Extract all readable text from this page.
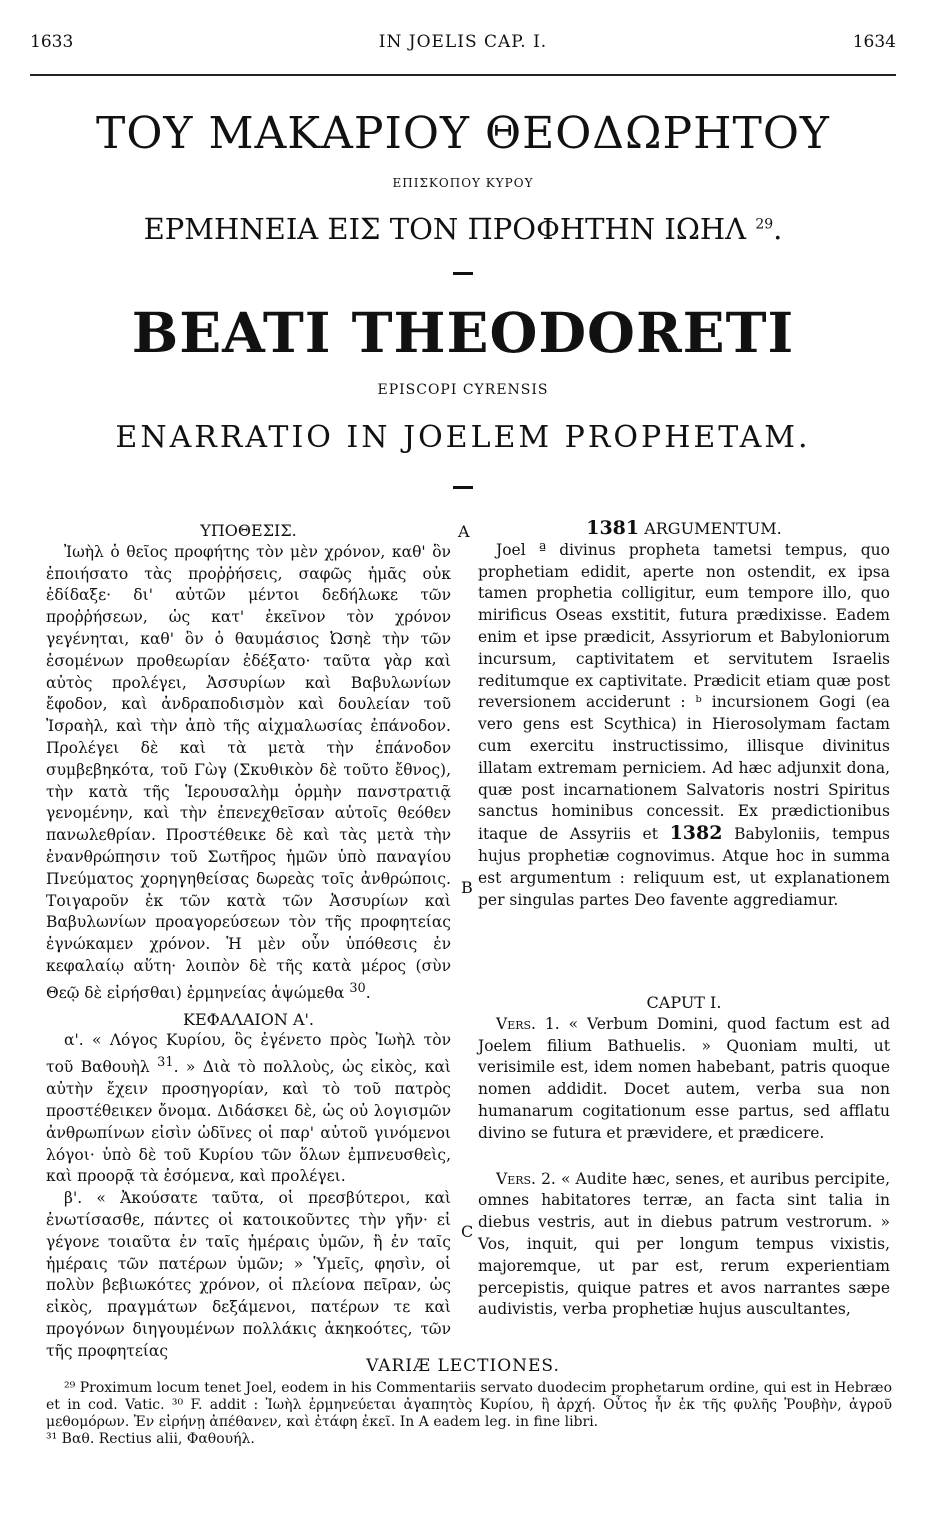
1633	IN JOELIS CAP. I.	1634
ΤΟΥ ΜΑΚΑΡΙΟΥ ΘΕΟΔΩΡΗΤΟΥ
ΕΠΙΣΚΟΠΟΥ ΚΥΡΟΥ
ΕΡΜΗΝΕΙΑ ΕΙΣ ΤΟΝ ΠΡΟΦΗΤΗΝ ΙΩΗΛ $^{29}$.
BEATI THEODORETI
EPISCOPI CYRENSIS
ENARRATIO IN JOELEM PROPHETAM.
A
B
C
ΥΠΟΘΕΣΙΣ.

Ἰωὴλ ὁ θεῖος προφήτης τὸν μὲν χρόνον, καθ' ὃν ἐποιήσατο τὰς προῤῥήσεις, σαφῶς ἡμᾶς οὐκ ἐδίδαξε· δι' αὐτῶν μέντοι δεδήλωκε τῶν προῤῥήσεων, ὡς κατ' ἐκεῖνον τὸν χρόνον γεγένηται, καθ' ὃν ὁ θαυμάσιος Ὠσηὲ τὴν τῶν ἐσομένων προθεωρίαν ἐδέξατο· ταῦτα γὰρ καὶ αὐτὸς προλέγει, Ἀσσυρίων καὶ Βαβυλωνίων ἔφοδον, καὶ ἀνδραποδισμὸν καὶ δουλείαν τοῦ Ἰσραὴλ, καὶ τὴν ἀπὸ τῆς αἰχμαλωσίας ἐπάνοδον. Προλέγει δὲ καὶ τὰ μετὰ τὴν ἐπάνοδον συμβεβηκότα, τοῦ Γὼγ (Σκυθικὸν δὲ τοῦτο ἔθνος), τὴν κατὰ τῆς Ἱερουσαλὴμ ὁρμὴν πανστρατιᾷ γενομένην, καὶ τὴν ἐπενεχθεῖσαν αὐτοῖς θεόθεν πανωλεθρίαν. Προστέθεικε δὲ καὶ τὰς μετὰ τὴν ἐνανθρώπησιν τοῦ Σωτῆρος ἡμῶν ὑπὸ παναγίου Πνεύματος χορηγηθείσας δωρεὰς τοῖς ἀνθρώποις. Τοιγαροῦν ἐκ τῶν κατὰ τῶν Ἀσσυρίων καὶ Βαβυλωνίων προαγορεύσεων τὸν τῆς προφητείας ἐγνώκαμεν χρόνον. Ἡ μὲν οὖν ὑπόθεσις ἐν κεφαλαίῳ αὕτη· λοιπὸν δὲ τῆς κατὰ μέρος (σὺν Θεῷ δὲ εἰρήσθαι) ἑρμηνείας ἁψώμεθα $^{30}$.

ΚΕΦΑΛΑΙΟΝ Α'.

α'. « Λόγος Κυρίου, ὃς ἐγένετο πρὸς Ἰωὴλ τὸν τοῦ Βαθουὴλ $^{31}$. » Διὰ τὸ πολλοὺς, ὡς εἰκὸς, καὶ αὐτὴν ἔχειν προσηγορίαν, καὶ τὸ τοῦ πατρὸς προστέθεικεν ὄνομα. Διδάσκει δὲ, ὡς οὐ λογισμῶν ἀνθρωπίνων εἰσὶν ὠδῖνες οἱ παρ' αὐτοῦ γινόμενοι λόγοι· ὑπὸ δὲ τοῦ Κυρίου τῶν ὅλων ἐμπνευσθεὶς, καὶ προορᾷ τὰ ἐσόμενα, καὶ προλέγει.

β'. « Ἀκούσατε ταῦτα, οἱ πρεσβύτεροι, καὶ ἐνωτίσασθε, πάντες οἱ κατοικοῦντες τὴν γῆν· εἰ γέγονε τοιαῦτα ἐν ταῖς ἡμέραις ὑμῶν, ἢ ἐν ταῖς ἡμέραις τῶν πατέρων ὑμῶν; » Ὑμεῖς, φησὶν, οἱ πολὺν βεβιωκότες χρόνον, οἱ πλείονα πεῖραν, ὡς εἰκὸς, πραγμάτων δεξάμενοι, πατέρων τε καὶ προγόνων διηγουμένων πολλάκις ἀκηκοότες, τῶν τῆς προφητείας

1381 ARGUMENTUM.

Joel ª divinus propheta tametsi tempus, quo prophetiam edidit, aperte non ostendit, ex ipsa tamen prophetia colligitur, eum tempore illo, quo mirificus Oseas exstitit, futura prædixisse. Eadem enim et ipse prædicit, Assyriorum et Babyloniorum incursum, captivitatem et servitutem Israelis reditumque ex captivitate. Prædicit etiam quæ post reversionem acciderunt : ᵇ incursionem Gogi (ea vero gens est Scythica) in Hierosolymam factam cum exercitu instructissimo, illisque divinitus illatam extremam perniciem. Ad hæc adjunxit dona, quæ post incarnationem Salvatoris nostri Spiritus sanctus hominibus concessit. Ex prædictionibus itaque de Assyriis et 1382 Babyloniis, tempus hujus prophetiæ cognovimus. Atque hoc in summa est argumentum : reliquum est, ut explanationem per singulas partes Deo favente aggrediamur.

CAPUT I.

Vers. 1. « Verbum Domini, quod factum est ad Joelem filium Bathuelis. » Quoniam multi, ut verisimile est, idem nomen habebant, patris quoque nomen addidit. Docet autem, verba sua non humanarum cogitationum esse partus, sed afflatu divino se futura et prævidere, et prædicere.

Vers. 2. « Audite hæc, senes, et auribus percipite, omnes habitatores terræ, an facta sint talia in diebus vestris, aut in diebus patrum vestrorum. » Vos, inquit, qui per longum tempus vixistis, majoremque, ut par est, rerum experientiam percepistis, quique patres et avos narrantes sæpe audivistis, verba prophetiæ hujus auscultantes,

VARIÆ LECTIONES.

²⁹ Proximum locum tenet Joel, eodem in his Commentariis servato duodecim prophetarum ordine, qui est in Hebræo et in cod. Vatic. ³⁰ F. addit : Ἰωὴλ ἑρμηνεύεται ἀγαπητὸς Κυρίου, ἢ ἀρχή. Οὗτος ἦν ἐκ τῆς φυλῆς Ῥουβὴν, ἀγροῦ μεθομόρων. Ἐν εἰρήνῃ ἀπέθανεν, καὶ ἐτάφη ἐκεῖ. In A eadem leg. in fine libri.

³¹ Βαθ. Rectius alii, Φαθουήλ.
